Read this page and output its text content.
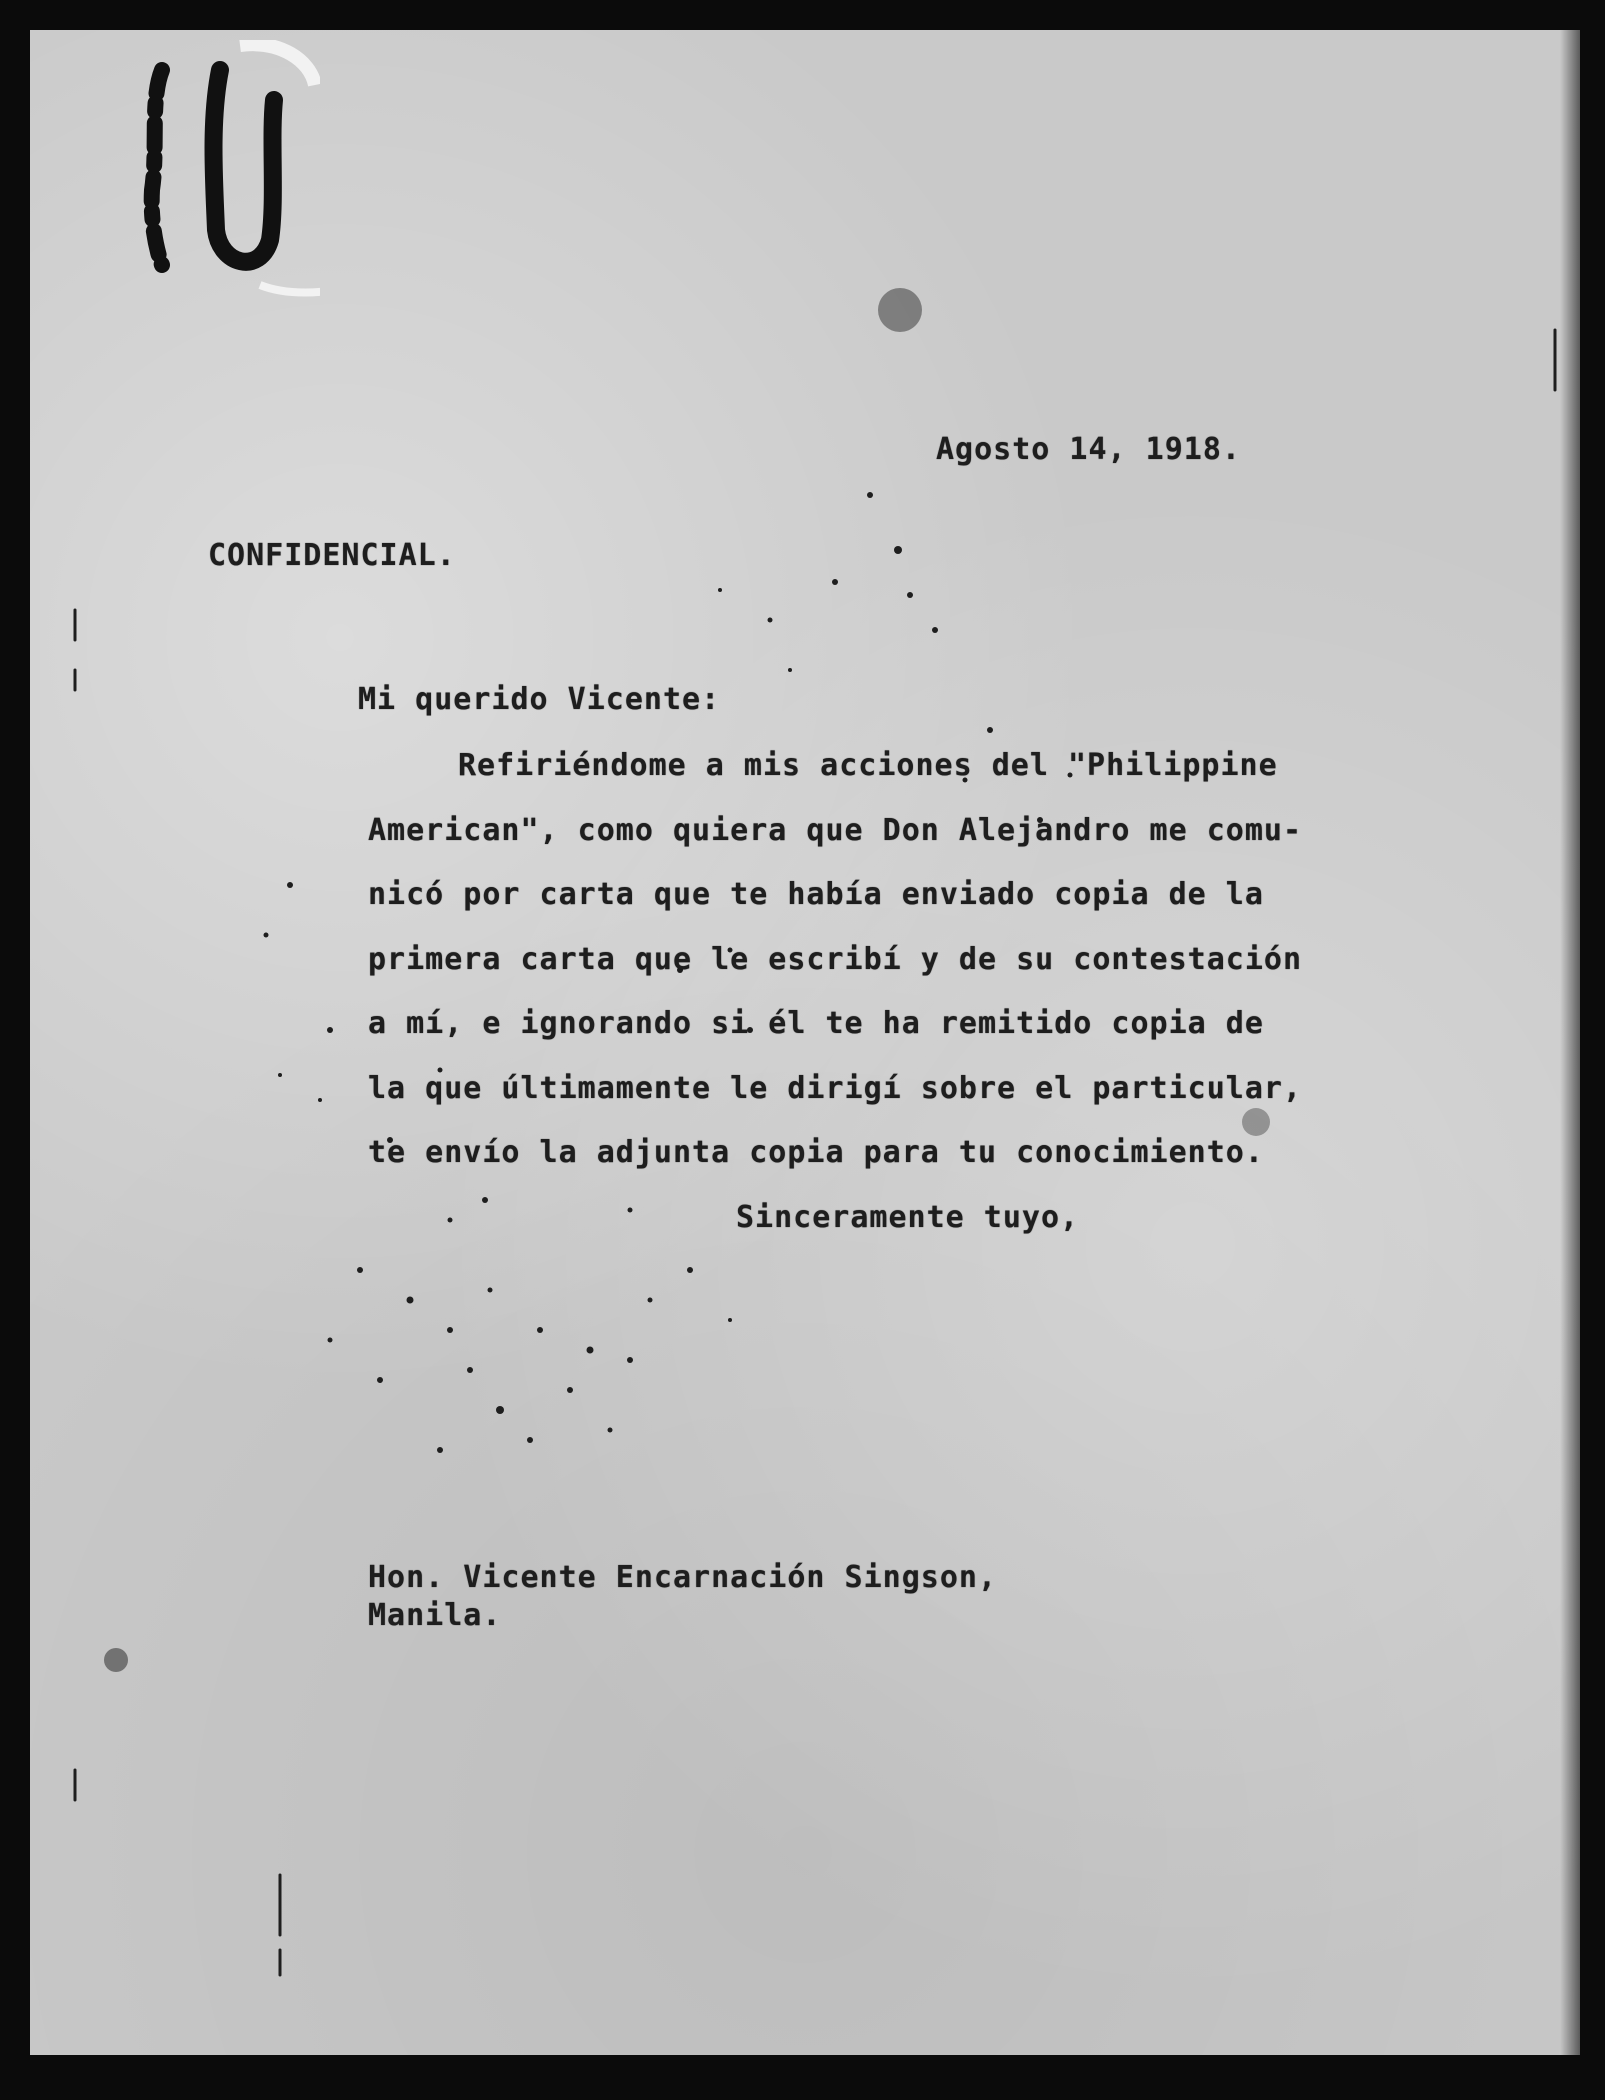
Agosto 14, 1918.
CONFIDENCIAL.
Mi querido Vicente:
Refiriéndome a mis acciones del "Philippine
American", como quiera que Don Alejandro me comu-
nicó por carta que te había enviado copia de la
primera carta que le escribí y de su contestación
a mí, e ignorando si él te ha remitido copia de
la que últimamente le dirigí sobre el particular,
te envío la adjunta copia para tu conocimiento.
Sinceramente tuyo,
Hon. Vicente Encarnación Singson,
Manila.
